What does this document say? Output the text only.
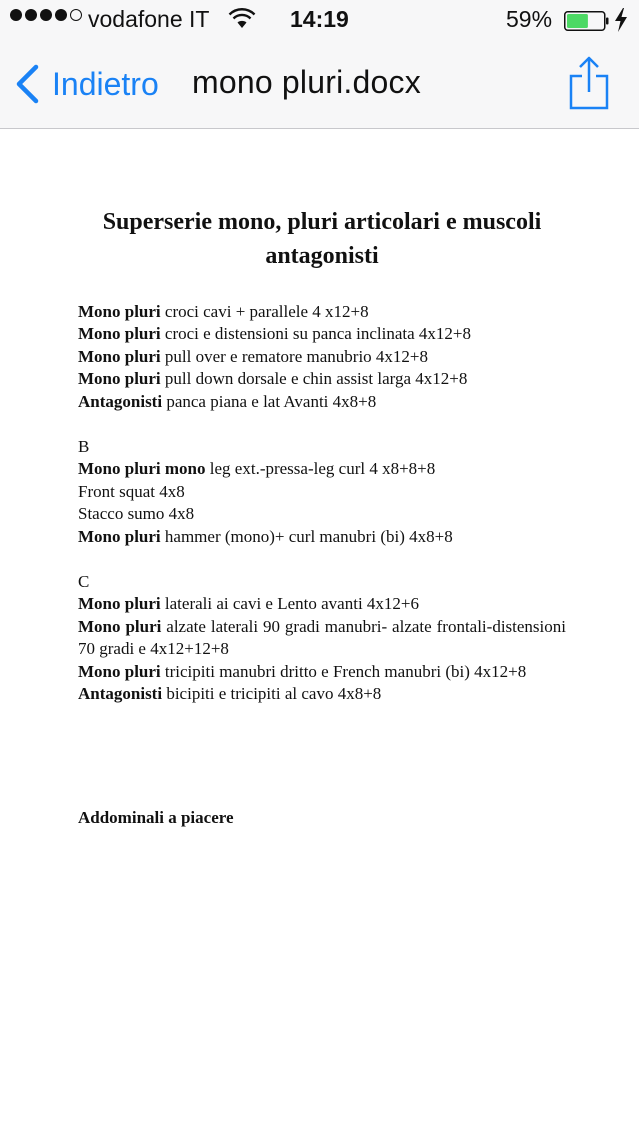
vodafone IT	14:19	59%
Indietro mono pluri.docx
Superserie mono, pluri articolari e muscoli antagonisti

Mono pluri croci cavi + parallele 4 x12+8

Mono pluri croci e distensioni su panca inclinata 4x12+8

Mono pluri pull over e rematore manubrio 4x12+8

Mono pluri pull down dorsale e chin assist larga 4x12+8

Antagonisti panca piana e lat Avanti 4x8+8

B

Mono pluri mono leg ext.-pressa-leg curl 4 x8+8+8

Front squat 4x8

Stacco sumo 4x8

Mono pluri hammer (mono)+ curl manubri (bi) 4x8+8

C

Mono pluri laterali ai cavi e Lento avanti 4x12+6

Mono pluri alzate laterali 90 gradi manubri- alzate frontali-distensioni 70 gradi e 4x12+12+8

Mono pluri tricipiti manubri dritto e French manubri (bi) 4x12+8

Antagonisti bicipiti e tricipiti al cavo 4x8+8

Addominali a piacere
